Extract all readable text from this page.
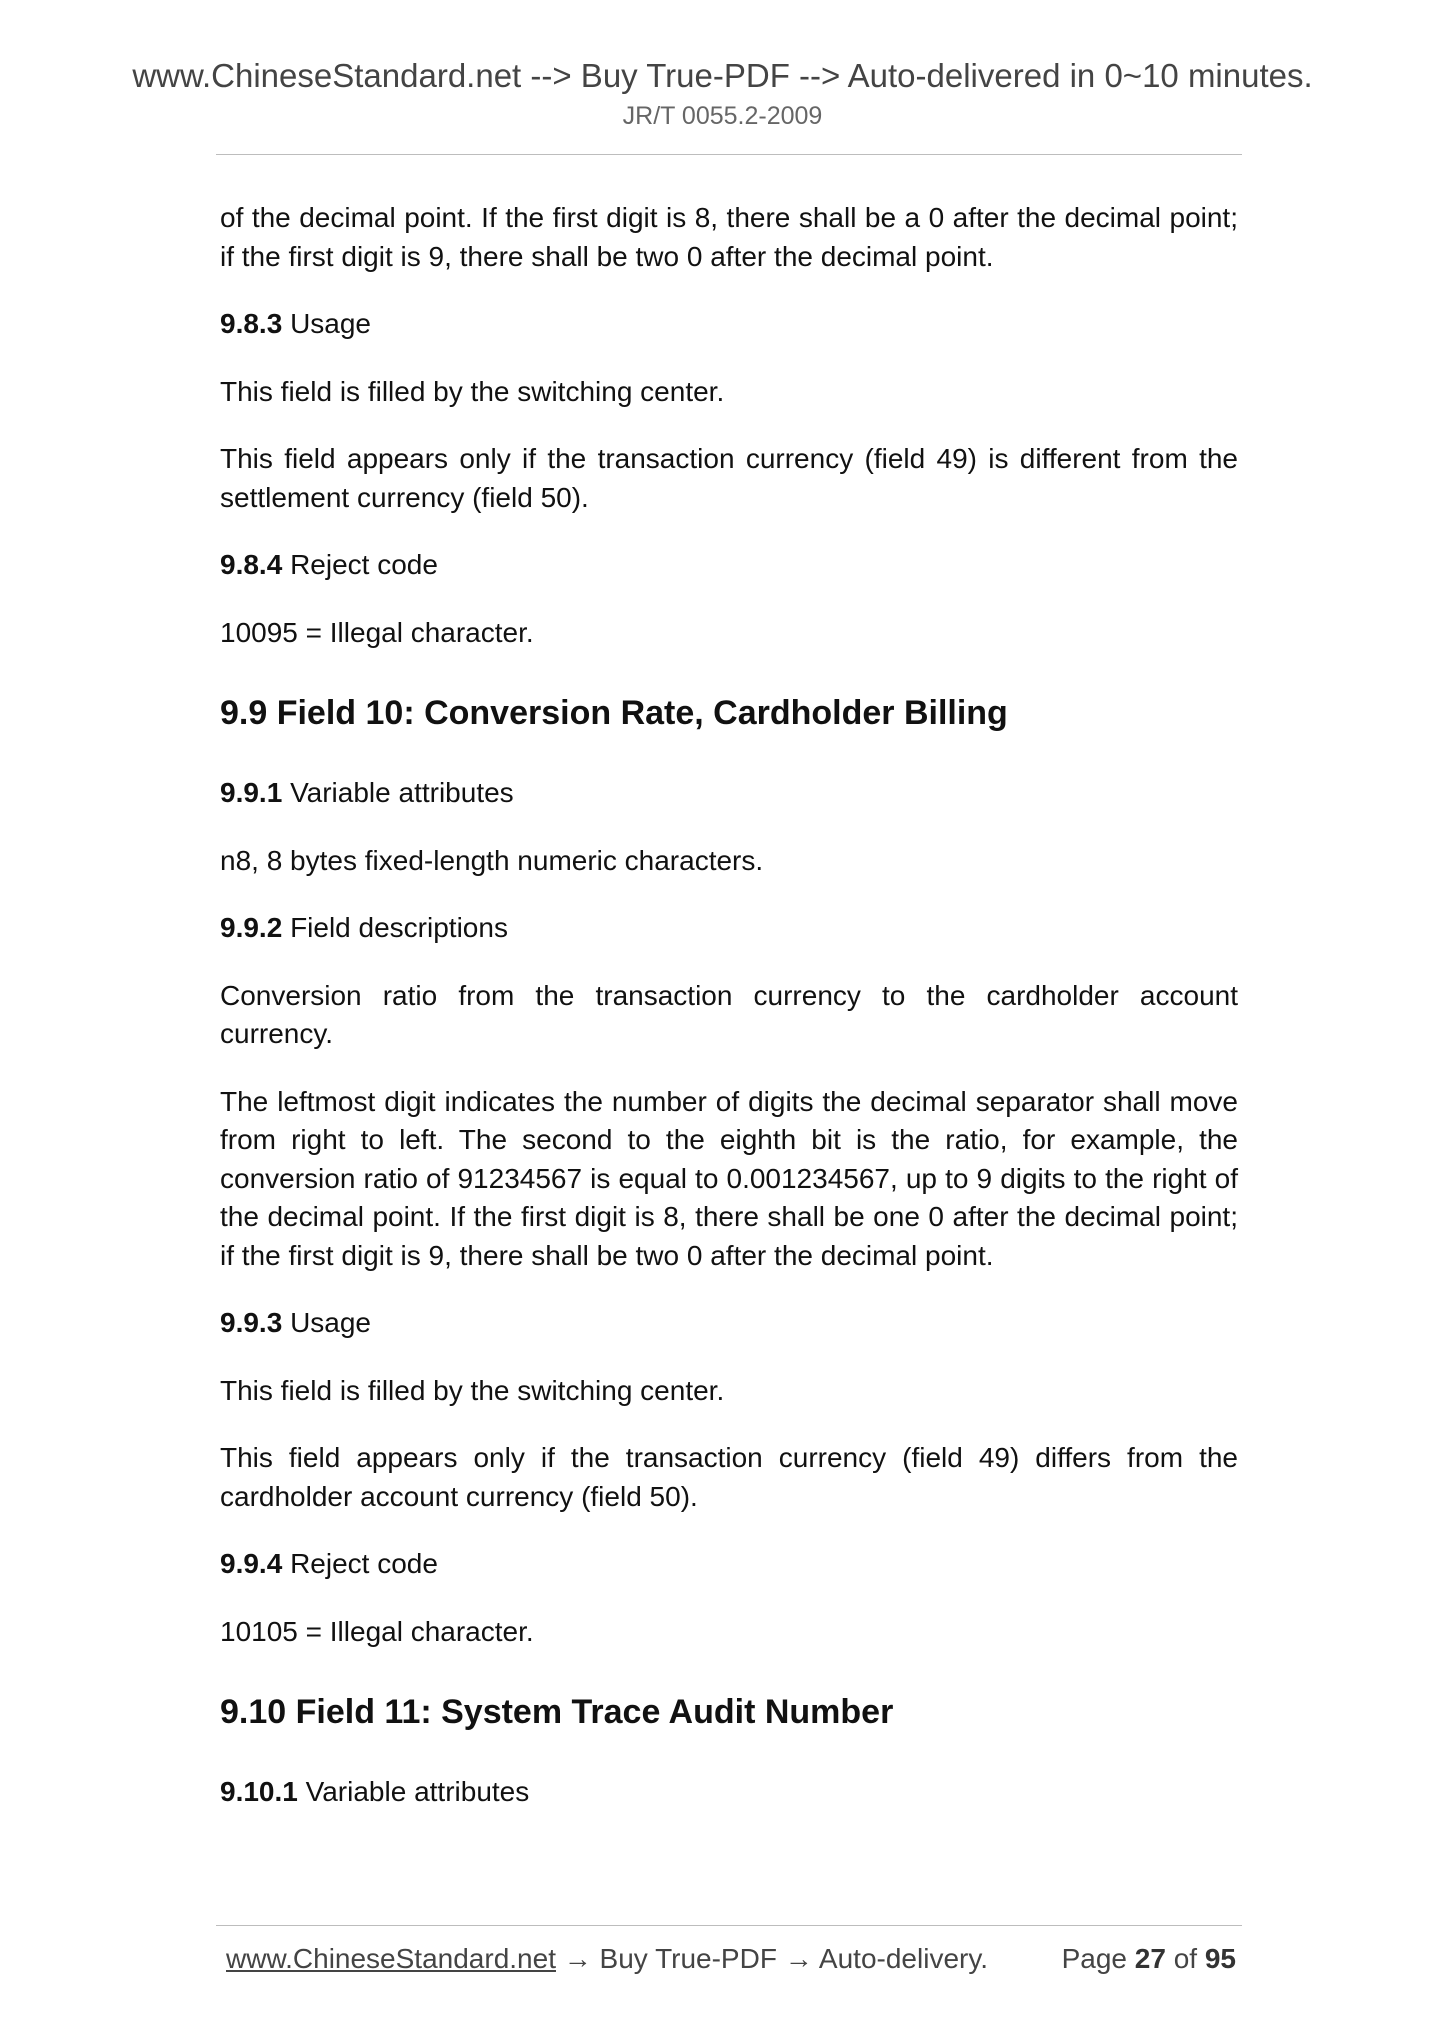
www.ChineseStandard.net --> Buy True-PDF --> Auto-delivered in 0~10 minutes.
JR/T 0055.2-2009

of the decimal point. If the first digit is 8, there shall be a 0 after the decimal point; if the first digit is 9, there shall be two 0 after the decimal point.

9.8.3 Usage

This field is filled by the switching center.

This field appears only if the transaction currency (field 49) is different from the settlement currency (field 50).

9.8.4 Reject code

10095 = Illegal character.

9.9 Field 10: Conversion Rate, Cardholder Billing

9.9.1 Variable attributes

n8, 8 bytes fixed-length numeric characters.

9.9.2 Field descriptions

Conversion ratio from the transaction currency to the cardholder account currency.

The leftmost digit indicates the number of digits the decimal separator shall move from right to left. The second to the eighth bit is the ratio, for example, the conversion ratio of 91234567 is equal to 0.001234567, up to 9 digits to the right of the decimal point. If the first digit is 8, there shall be one 0 after the decimal point; if the first digit is 9, there shall be two 0 after the decimal point.

9.9.3 Usage

This field is filled by the switching center.

This field appears only if the transaction currency (field 49) differs from the cardholder account currency (field 50).

9.9.4 Reject code

10105 = Illegal character.

9.10 Field 11: System Trace Audit Number

9.10.1 Variable attributes

www.ChineseStandard.net → Buy True-PDF → Auto-delivery.	Page 27 of 95
